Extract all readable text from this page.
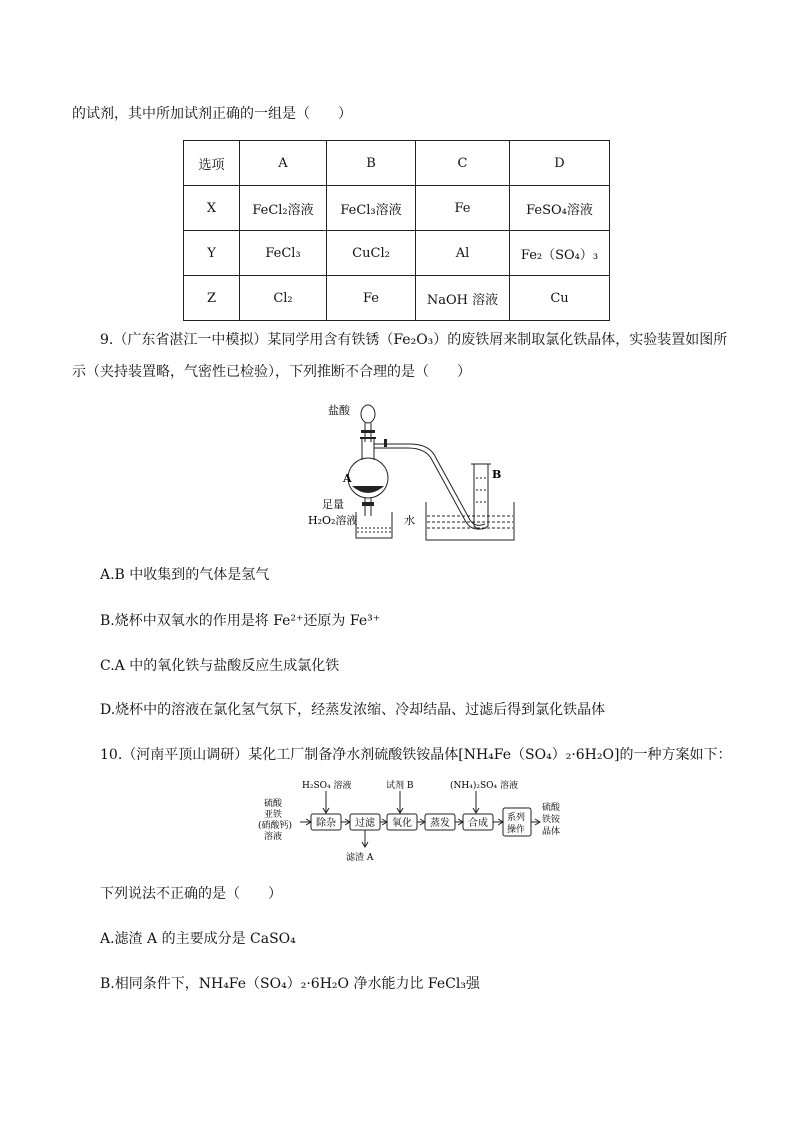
的试剂，其中所加试剂正确的一组是（　　）
选项	A	B	C	D
X	FeCl₂溶液	FeCl₃溶液	Fe	FeSO₄溶液
Y	FeCl₃	CuCl₂	Al	Fe₂（SO₄）₃
Z	Cl₂	Fe	NaOH 溶液	Cu
9.（广东省湛江一中模拟）某同学用含有铁锈（Fe₂O₃）的废铁屑来制取氯化铁晶体，实验装置如图所
示（夹持装置略，气密性已检验），下列推断不合理的是（　　）
盐酸
A
足量
H₂O₂溶液	水
B
A.B 中收集到的气体是氢气
B.烧杯中双氧水的作用是将 Fe²⁺还原为 Fe³⁺
C.A 中的氧化铁与盐酸反应生成氯化铁
D.烧杯中的溶液在氯化氢气氛下，经蒸发浓缩、冷却结晶、过滤后得到氯化铁晶体
10.（河南平顶山调研）某化工厂制备净水剂硫酸铁铵晶体[NH₄Fe（SO₄）₂·6H₂O]的一种方案如下：
硫酸
亚铁
(硝酸钙)
溶液
H₂SO₄ 溶液	试剂 B	(NH₄)₂SO₄ 溶液
除杂 过滤 氧化 蒸发 合成 系列
操作
硫酸
铁铵
晶体
滤渣 A
下列说法不正确的是（　　）
A.滤渣 A 的主要成分是 CaSO₄
B.相同条件下，NH₄Fe（SO₄）₂·6H₂O 净水能力比 FeCl₃强
